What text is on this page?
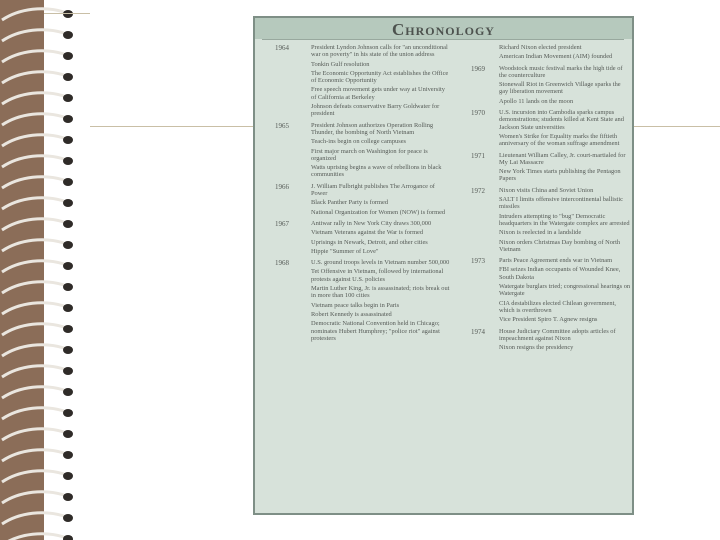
Chronology
1964	President Lyndon Johnson calls for "an unconditional war on poverty" in his state of the union address
Tonkin Gulf resolution
The Economic Opportunity Act establishes the Office of Economic Opportunity
Free speech movement gets under way at University of California at Berkeley
Johnson defeats conservative Barry Goldwater for president
1965	President Johnson authorizes Operation Rolling Thunder, the bombing of North Vietnam
Teach-ins begin on college campuses
First major march on Washington for peace is organized
Watts uprising begins a wave of rebellions in black communities
1966	J. William Fulbright publishes The Arrogance of Power
Black Panther Party is formed
National Organization for Women (NOW) is formed
1967	Antiwar rally in New York City draws 300,000
Vietnam Veterans against the War is formed
Uprisings in Newark, Detroit, and other cities
Hippie "Summer of Love"
1968	U.S. ground troops levels in Vietnam number 500,000
Tet Offensive in Vietnam, followed by international protests against U.S. policies
Martin Luther King, Jr. is assassinated; riots break out in more than 100 cities
Vietnam peace talks begin in Paris
Robert Kennedy is assassinated
Democratic National Convention held in Chicago; nominates Hubert Humphrey; "police riot" against protesters
Richard Nixon elected president
American Indian Movement (AIM) founded
1969	Woodstock music festival marks the high tide of the counterculture
Stonewall Riot in Greenwich Village sparks the gay liberation movement
Apollo 11 lands on the moon
1970	U.S. incursion into Cambodia sparks campus demonstrations; students killed at Kent State and Jackson State universities
Women's Strike for Equality marks the fiftieth anniversary of the woman suffrage amendment
1971	Lieutenant William Calley, Jr. court-martialed for My Lai Massacre
New York Times starts publishing the Pentagon Papers
1972	Nixon visits China and Soviet Union
SALT I limits offensive intercontinental ballistic missiles
Intruders attempting to "bug" Democratic headquarters in the Watergate complex are arrested
Nixon is reelected in a landslide
Nixon orders Christmas Day bombing of North Vietnam
1973	Paris Peace Agreement ends war in Vietnam
FBI seizes Indian occupants of Wounded Knee, South Dakota
Watergate burglars tried; congressional hearings on Watergate
CIA destabilizes elected Chilean government, which is overthrown
Vice President Spiro T. Agnew resigns
1974	House Judiciary Committee adopts articles of impeachment against Nixon
Nixon resigns the presidency
